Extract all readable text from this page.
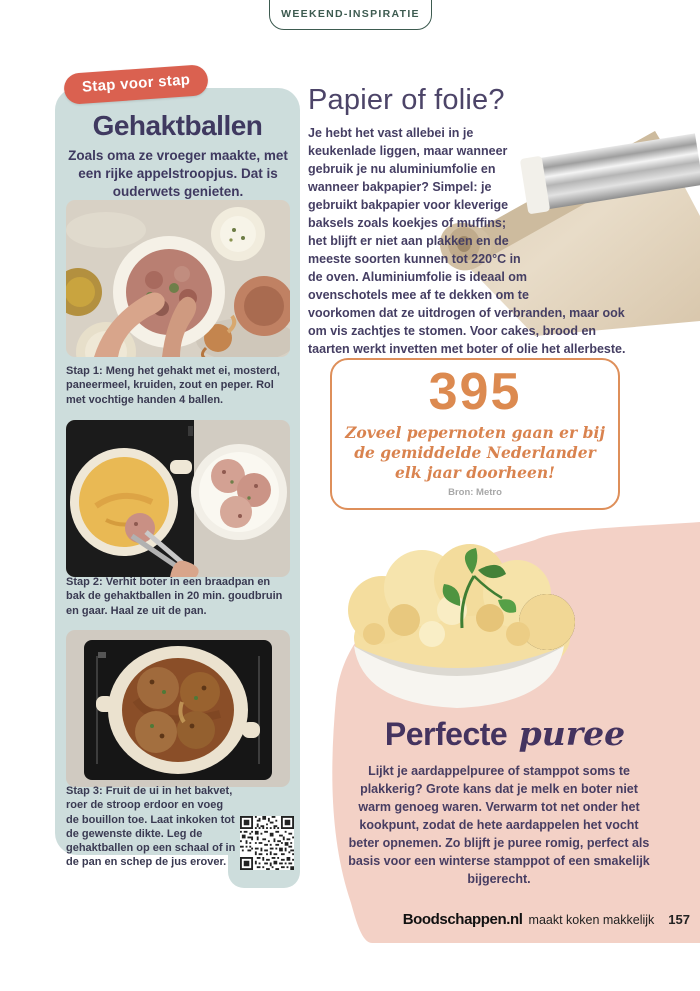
WEEKEND-INSPIRATIE
Papier of folie?

Je hebt het vast allebei in je keukenlade liggen, maar wanneer gebruik je nu aluminiumfolie en wanneer bakpapier? Simpel: je gebruikt bakpapier voor kleverige baksels zoals koekjes of muffins; het blijft er niet aan plakken en de meeste soorten kunnen tot 220°C in de oven. Aluminiumfolie is ideaal om ovenschotels mee af te dekken om te voorkomen dat ze uitdrogen of verbranden, maar ook om vis zachtjes te stomen. Voor cakes, brood en taarten werkt invetten met boter of olie het allerbeste.

395
Zoveel pepernoten gaan er bij de gemiddelde Nederlander elk jaar doorheen!
Bron: Metro
Stap voor stap
Gehaktballen

Zoals oma ze vroeger maakte, met een rijke appelstroopjus. Dat is ouderwets genieten.

Stap 1: Meng het gehakt met ei, mosterd, paneermeel, kruiden, zout en peper. Rol met vochtige handen 4 ballen.

Stap 2: Verhit boter in een braadpan en bak de gehaktballen in 20 min. goudbruin en gaar. Haal ze uit de pan.

Stap 3: Fruit de ui in het bakvet, roer de stroop erdoor en voeg de bouillon toe. Laat inkoken tot de gewenste dikte. Leg de gehaktballen op een schaal of in de pan en schep de jus erover.

Perfecte puree

Lijkt je aardappelpuree of stamppot soms te plakkerig? Grote kans dat je melk en boter niet warm genoeg waren. Verwarm tot net onder het kookpunt, zodat de hete aardappelen het vocht beter opnemen. Zo blijft je puree romig, perfect als basis voor een winterse stamppot of een smakelijk bijgerecht.

Boodschappen.nl maakt koken makkelijk 157
